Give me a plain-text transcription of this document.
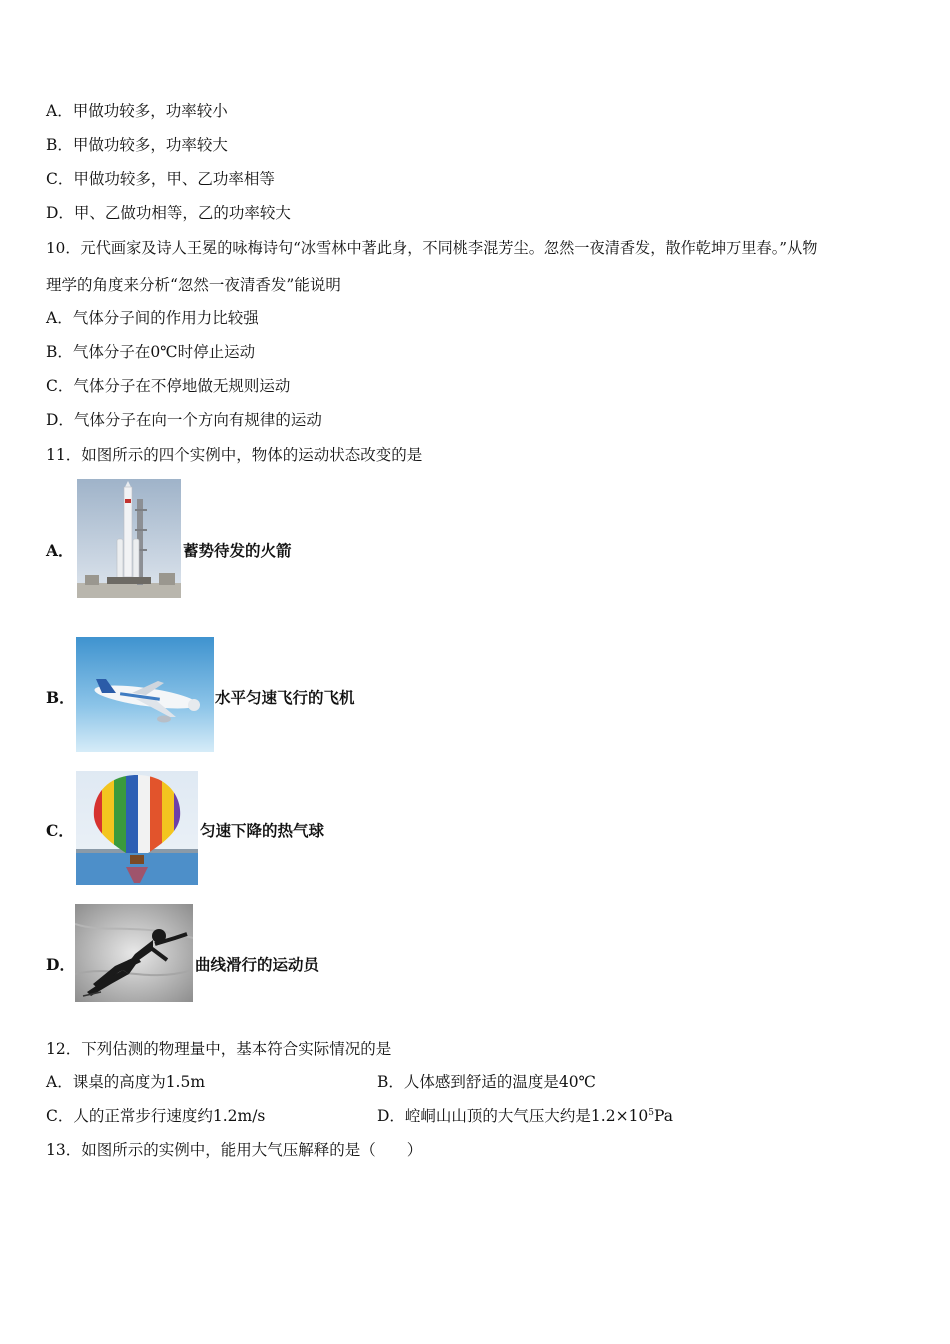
A．甲做功较多，功率较小
B．甲做功较多，功率较大
C．甲做功较多，甲、乙功率相等
D．甲、乙做功相等，乙的功率较大
10．元代画家及诗人王冕的咏梅诗句“冰雪林中著此身，不同桃李混芳尘。忽然一夜清香发，散作乾坤万里春。”从物
理学的角度来分析“忽然一夜清香发”能说明
A．气体分子间的作用力比较强
B．气体分子在0℃时停止运动
C．气体分子在不停地做无规则运动
D．气体分子在向一个方向有规律的运动
11．如图所示的四个实例中，物体的运动状态改变的是
A．	蓄势待发的火箭
B．	水平匀速飞行的飞机
C．	匀速下降的热气球
D．	曲线滑行的运动员
12．下列估测的物理量中，基本符合实际情况的是
A．课桌的高度为1.5m	B．人体感到舒适的温度是40℃
C．人的正常步行速度约1.2m/s	D．崆峒山山顶的大气压大约是$1.2\times 10^5Pa$
13．如图所示的实例中，能用大气压解释的是（　　）
